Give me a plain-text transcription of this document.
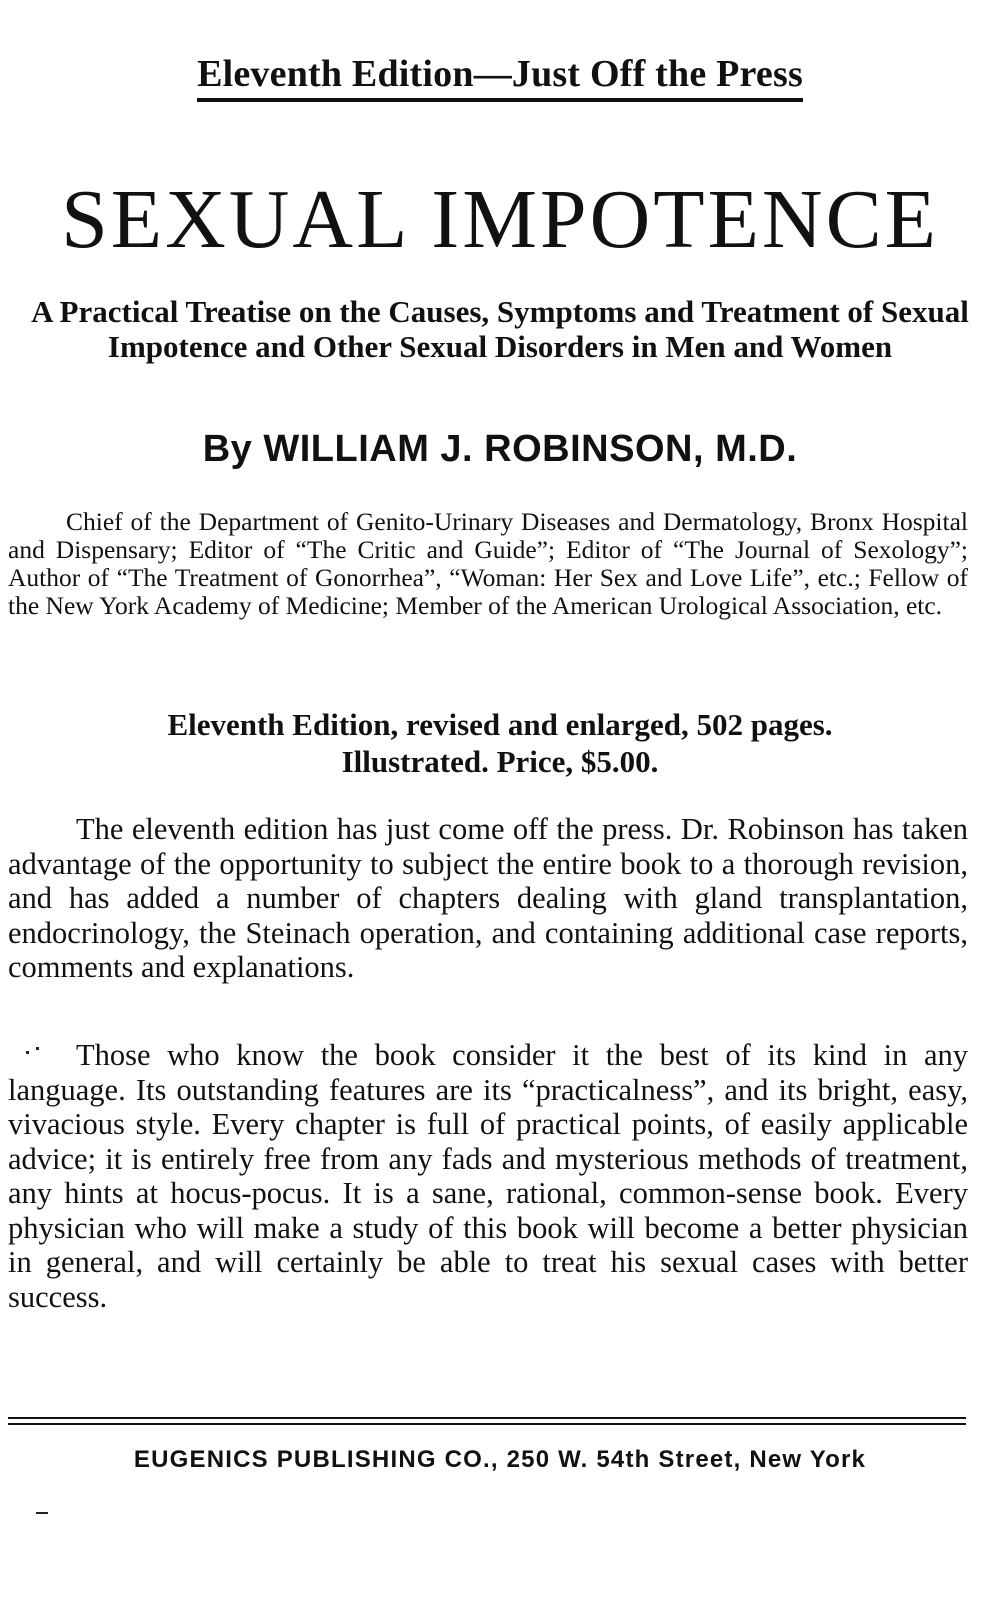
Eleventh Edition—Just Off the Press
SEXUAL IMPOTENCE
A Practical Treatise on the Causes, Symptoms and Treatment of Sexual Impotence and Other Sexual Disorders in Men and Women
By WILLIAM J. ROBINSON, M.D.
Chief of the Department of Genito-Urinary Diseases and Dermatology, Bronx Hospital and Dispensary; Editor of “The Critic and Guide”; Editor of “The Journal of Sexology”; Author of “The Treatment of Gonorrhea”, “Woman: Her Sex and Love Life”, etc.; Fellow of the New York Academy of Medicine; Member of the American Urological Association, etc.
Eleventh Edition, revised and enlarged, 502 pages.
Illustrated. Price, $5.00.
The eleventh edition has just come off the press. Dr. Robinson has taken advantage of the opportunity to subject the entire book to a thorough revision, and has added a number of chapters dealing with gland transplantation, endocrinology, the Steinach operation, and containing additional case reports, comments and explanations.
Those who know the book consider it the best of its kind in any language. Its outstanding features are its “practicalness”, and its bright, easy, vivacious style. Every chapter is full of practical points, of easily applicable advice; it is entirely free from any fads and mysterious methods of treatment, any hints at hocus-pocus. It is a sane, rational, common-sense book. Every physician who will make a study of this book will become a better physician in general, and will certainly be able to treat his sexual cases with better success.
EUGENICS PUBLISHING CO., 250 W. 54th Street, New York
